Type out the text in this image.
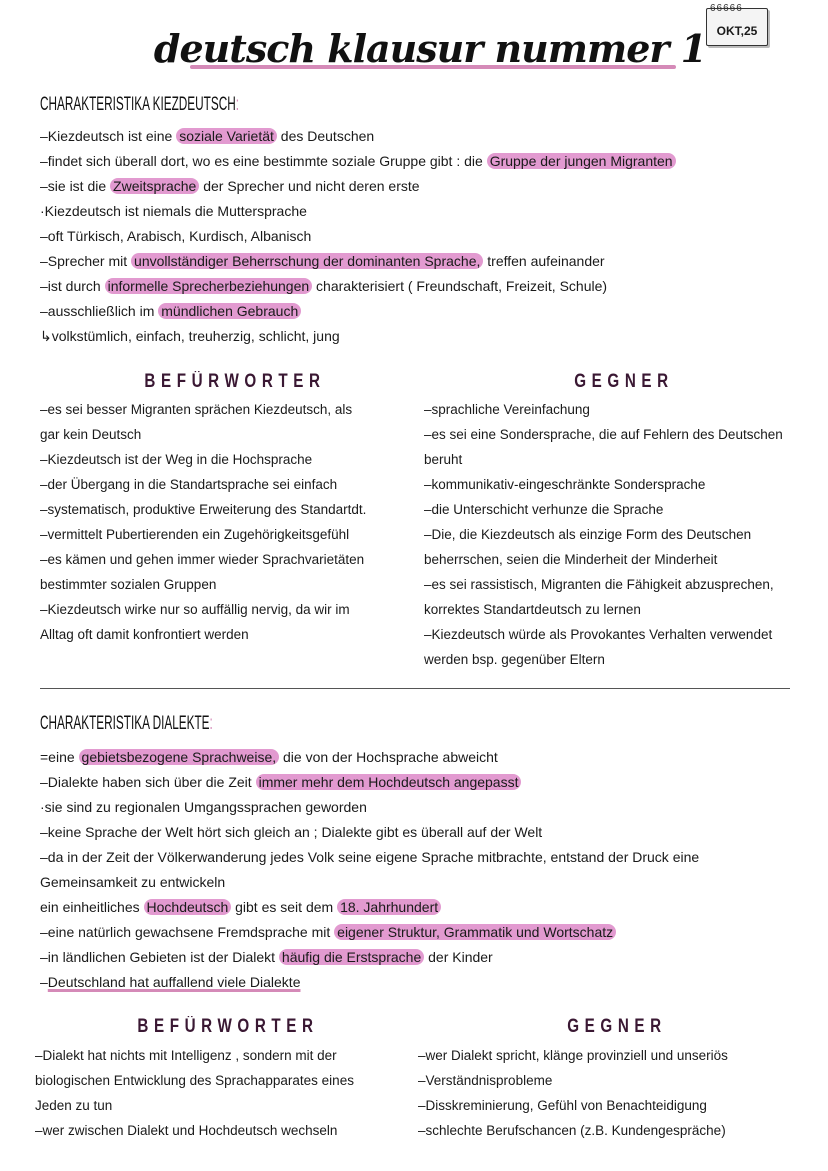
deutsch klausur nummer 1
66666
OKT,25
CHARAKTERISTIKA KIEZDEUTSCH:
–Kiezdeutsch ist eine soziale Varietät des Deutschen
–findet sich überall dort, wo es eine bestimmte soziale Gruppe gibt : die Gruppe der jungen Migranten
–sie ist die Zweitsprache der Sprecher und nicht deren erste
·Kiezdeutsch ist niemals die Muttersprache
–oft Türkisch, Arabisch, Kurdisch, Albanisch
–Sprecher mit unvollständiger Beherrschung der dominanten Sprache, treffen aufeinander
–ist durch informelle Sprecherbeziehungen charakterisiert ( Freundschaft, Freizeit, Schule)
–ausschließlich im mündlichen Gebrauch
↳volkstümlich, einfach, treuherzig, schlicht, jung
BEFÜRWORTER	GEGNER
–es sei besser Migranten sprächen Kiezdeutsch, als
gar kein Deutsch
–Kiezdeutsch ist der Weg in die Hochsprache
–der Übergang in die Standartsprache sei einfach
–systematisch, produktive Erweiterung des Standartdt.
–vermittelt Pubertierenden ein Zugehörigkeitsgefühl
–es kämen und gehen immer wieder Sprachvarietäten
bestimmter sozialen Gruppen
–Kiezdeutsch wirke nur so auffällig nervig, da wir im
Alltag oft damit konfrontiert werden
–sprachliche Vereinfachung
–es sei eine Sondersprache, die auf Fehlern des Deutschen
beruht
–kommunikativ-eingeschränkte Sondersprache
–die Unterschicht verhunze die Sprache
–Die, die Kiezdeutsch als einzige Form des Deutschen
beherrschen, seien die Minderheit der Minderheit
–es sei rassistisch, Migranten die Fähigkeit abzusprechen,
korrektes Standartdeutsch zu lernen
–Kiezdeutsch würde als Provokantes Verhalten verwendet
werden bsp. gegenüber Eltern
CHARAKTERISTIKA DIALEKTE:
=eine gebietsbezogene Sprachweise, die von der Hochsprache abweicht
–Dialekte haben sich über die Zeit immer mehr dem Hochdeutsch angepasst
·sie sind zu regionalen Umgangssprachen geworden
–keine Sprache der Welt hört sich gleich an ; Dialekte gibt es überall auf der Welt
–da in der Zeit der Völkerwanderung jedes Volk seine eigene Sprache mitbrachte, entstand der Druck eine
Gemeinsamkeit zu entwickeln
ein einheitliches Hochdeutsch gibt es seit dem 18. Jahrhundert
–eine natürlich gewachsene Fremdsprache mit eigener Struktur, Grammatik und Wortschatz
–in ländlichen Gebieten ist der Dialekt häufig die Erstsprache der Kinder
–Deutschland hat auffallend viele Dialekte
BEFÜRWORTER	GEGNER
–Dialekt hat nichts mit Intelligenz , sondern mit der
biologischen Entwicklung des Sprachapparates eines
Jeden zu tun
–wer zwischen Dialekt und Hochdeutsch wechseln
–wer Dialekt spricht, klänge provinziell und unseriös
–Verständnisprobleme
–Disskreminierung, Gefühl von Benachteidigung
–schlechte Berufschancen (z.B. Kundengespräche)
